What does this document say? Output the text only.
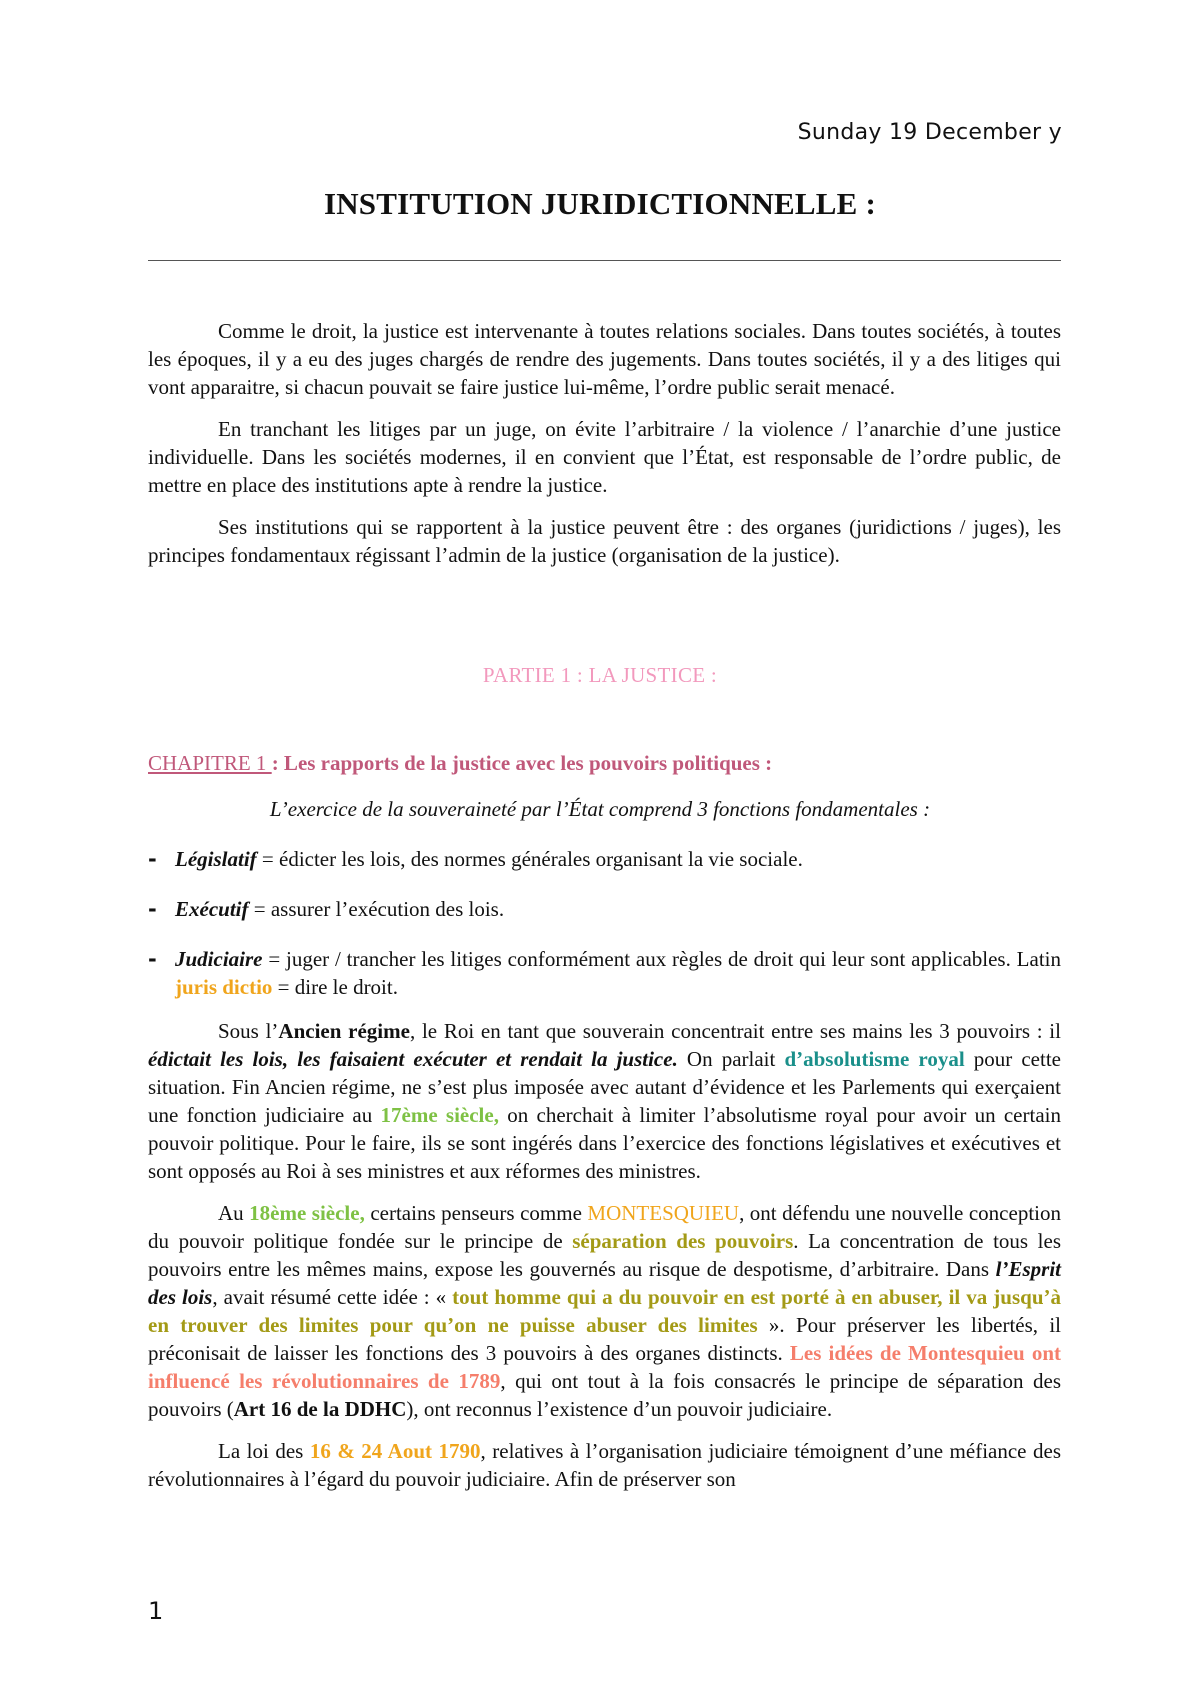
Sunday 19 December y
INSTITUTION JURIDICTIONNELLE :

Comme le droit, la justice est intervenante à toutes relations sociales. Dans toutes sociétés, à toutes les époques, il y a eu des juges chargés de rendre des jugements. Dans toutes sociétés, il y a des litiges qui vont apparaitre, si chacun pouvait se faire justice lui-même, l’ordre public serait menacé.

En tranchant les litiges par un juge, on évite l’arbitraire / la violence / l’anarchie d’une justice individuelle. Dans les sociétés modernes, il en convient que l’État, est responsable de l’ordre public, de mettre en place des institutions apte à rendre la justice.

Ses institutions qui se rapportent à la justice peuvent être : des organes (juridictions / juges), les principes fondamentaux régissant l’admin de la justice (organisation de la justice).

PARTIE 1 : LA JUSTICE :
CHAPITRE 1 : Les rapports de la justice avec les pouvoirs politiques :
L’exercice de la souveraineté par l’État comprend 3 fonctions fondamentales :
- Législatif = édicter les lois, des normes générales organisant la vie sociale.
- Exécutif = assurer l’exécution des lois.
- Judiciaire = juger / trancher les litiges conformément aux règles de droit qui leur sont applicables. Latin juris dictio = dire le droit.

Sous l’Ancien régime, le Roi en tant que souverain concentrait entre ses mains les 3 pouvoirs : il édictait les lois, les faisaient exécuter et rendait la justice. On parlait d’absolutisme royal pour cette situation. Fin Ancien régime, ne s’est plus imposée avec autant d’évidence et les Parlements qui exerçaient une fonction judiciaire au 17ème siècle, on cherchait à limiter l’absolutisme royal pour avoir un certain pouvoir politique. Pour le faire, ils se sont ingérés dans l’exercice des fonctions législatives et exécutives et sont opposés au Roi à ses ministres et aux réformes des ministres.

Au 18ème siècle, certains penseurs comme MONTESQUIEU, ont défendu une nouvelle conception du pouvoir politique fondée sur le principe de séparation des pouvoirs. La concentration de tous les pouvoirs entre les mêmes mains, expose les gouvernés au risque de despotisme, d’arbitraire. Dans l’Esprit des lois, avait résumé cette idée : « tout homme qui a du pouvoir en est porté à en abuser, il va jusqu’à en trouver des limites pour qu’on ne puisse abuser des limites ». Pour préserver les libertés, il préconisait de laisser les fonctions des 3 pouvoirs à des organes distincts. Les idées de Montesquieu ont influencé les révolutionnaires de 1789, qui ont tout à la fois consacrés le principe de séparation des pouvoirs (Art 16 de la DDHC), ont reconnus l’existence d’un pouvoir judiciaire.

La loi des 16 & 24 Aout 1790, relatives à l’organisation judiciaire témoignent d’une méfiance des révolutionnaires à l’égard du pouvoir judiciaire. Afin de préserver son

1
